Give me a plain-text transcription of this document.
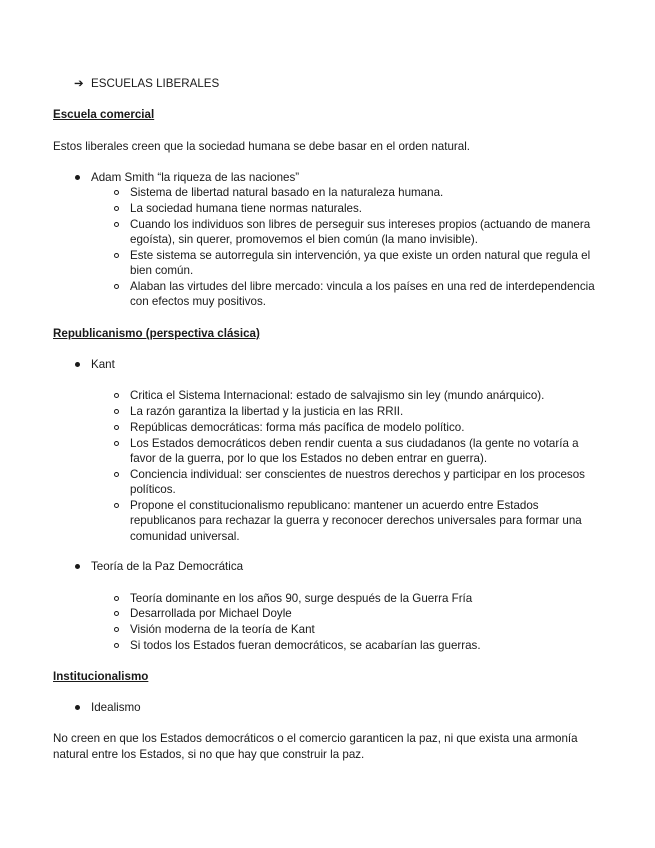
➔ ESCUELAS LIBERALES
Escuela comercial
Estos liberales creen que la sociedad humana se debe basar en el orden natural.
Adam Smith “la riqueza de las naciones”
Sistema de libertad natural basado en la naturaleza humana.
La sociedad humana tiene normas naturales.
Cuando los individuos son libres de perseguir sus intereses propios (actuando de manera
egoísta), sin querer, promovemos el bien común (la mano invisible).
Este sistema se autorregula sin intervención, ya que existe un orden natural que regula el
bien común.
Alaban las virtudes del libre mercado: vincula a los países en una red de interdependencia
con efectos muy positivos.
Republicanismo (perspectiva clásica)
Kant
Critica el Sistema Internacional: estado de salvajismo sin ley (mundo anárquico).
La razón garantiza la libertad y la justicia en las RRII.
Repúblicas democráticas: forma más pacífica de modelo político.
Los Estados democráticos deben rendir cuenta a sus ciudadanos (la gente no votaría a
favor de la guerra, por lo que los Estados no deben entrar en guerra).
Conciencia individual: ser conscientes de nuestros derechos y participar en los procesos
políticos.
Propone el constitucionalismo republicano: mantener un acuerdo entre Estados
republicanos para rechazar la guerra y reconocer derechos universales para formar una
comunidad universal.
Teoría de la Paz Democrática
Teoría dominante en los años 90, surge después de la Guerra Fría
Desarrollada por Michael Doyle
Visión moderna de la teoría de Kant
Si todos los Estados fueran democráticos, se acabarían las guerras.
Institucionalismo
Idealismo
No creen en que los Estados democráticos o el comercio garanticen la paz, ni que exista una armonía
natural entre los Estados, si no que hay que construir la paz.
